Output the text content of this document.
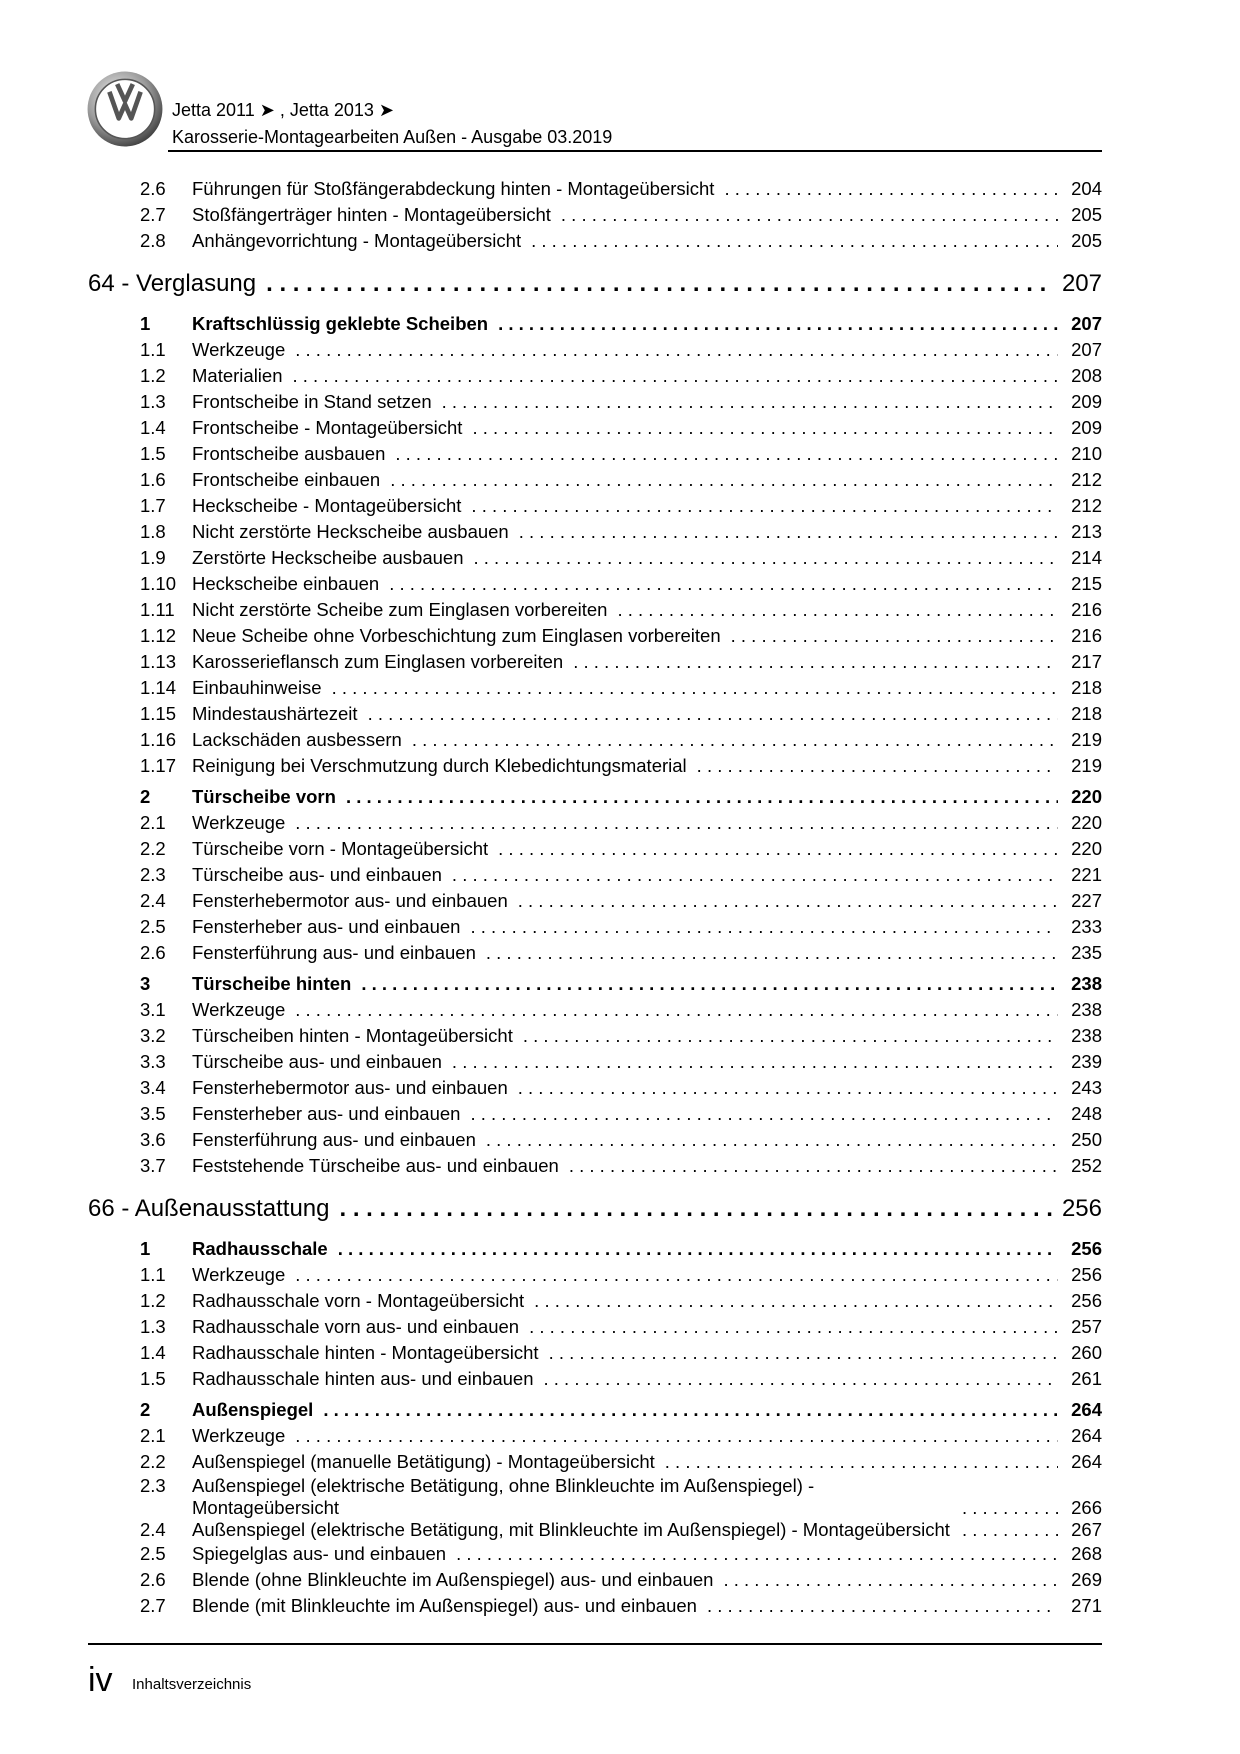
Jetta 2011 ➤ , Jetta 2013 ➤
Karosserie-Montagearbeiten Außen - Ausgabe 03.2019
2.6	Führungen für Stoßfängerabdeckung hinten - Montageübersicht . . .	204
2.7	Stoßfängerträger hinten - Montageübersicht . . .	205
2.8	Anhängevorrichtung - Montageübersicht . . .	205
64 - Verglasung . . .	207
1	Kraftschlüssig geklebte Scheiben . . .	207
1.1	Werkzeuge . . .	207
1.2	Materialien . . .	208
1.3	Frontscheibe in Stand setzen . . .	209
1.4	Frontscheibe - Montageübersicht . . .	209
1.5	Frontscheibe ausbauen . . .	210
1.6	Frontscheibe einbauen . . .	212
1.7	Heckscheibe - Montageübersicht . . .	212
1.8	Nicht zerstörte Heckscheibe ausbauen . . .	213
1.9	Zerstörte Heckscheibe ausbauen . . .	214
1.10 Heckscheibe einbauen . . .	215
1.11 Nicht zerstörte Scheibe zum Einglasen vorbereiten . . .	216
1.12 Neue Scheibe ohne Vorbeschichtung zum Einglasen vorbereiten . . .	216
1.13 Karosserieflansch zum Einglasen vorbereiten . . .	217
1.14 Einbauhinweise . . .	218
1.15 Mindestaushärtezeit . . .	218
1.16 Lackschäden ausbessern . . .	219
1.17 Reinigung bei Verschmutzung durch Klebedichtungsmaterial . . .	219
2	Türscheibe vorn . . .	220
2.1	Werkzeuge . . .	220
2.2	Türscheibe vorn - Montageübersicht . . .	220
2.3	Türscheibe aus- und einbauen . . .	221
2.4	Fensterhebermotor aus- und einbauen . . .	227
2.5	Fensterheber aus- und einbauen . . .	233
2.6	Fensterführung aus- und einbauen . . .	235
3	Türscheibe hinten . . .	238
3.1	Werkzeuge . . .	238
3.2	Türscheiben hinten - Montageübersicht . . .	238
3.3	Türscheibe aus- und einbauen . . .	239
3.4	Fensterhebermotor aus- und einbauen . . .	243
3.5	Fensterheber aus- und einbauen . . .	248
3.6	Fensterführung aus- und einbauen . . .	250
3.7	Feststehende Türscheibe aus- und einbauen . . .	252
66 - Außenausstattung . . .	256
1	Radhausschale . . .	256
1.1	Werkzeuge . . .	256
1.2	Radhausschale vorn - Montageübersicht . . .	256
1.3	Radhausschale vorn aus- und einbauen . . .	257
1.4	Radhausschale hinten - Montageübersicht . . .	260
1.5	Radhausschale hinten aus- und einbauen . . .	261
2	Außenspiegel . . .	264
2.1	Werkzeuge . . .	264
2.2	Außenspiegel (manuelle Betätigung) - Montageübersicht . . .	264
2.3	Außenspiegel (elektrische Betätigung, ohne Blinkleuchte im Außenspiegel) - Montageübersicht . . .	266
2.4	Außenspiegel (elektrische Betätigung, mit Blinkleuchte im Außenspiegel) - Montageübersicht . . .	267
2.5	Spiegelglas aus- und einbauen . . .	268
2.6	Blende (ohne Blinkleuchte im Außenspiegel) aus- und einbauen . . .	269
2.7	Blende (mit Blinkleuchte im Außenspiegel) aus- und einbauen . . .	271
iv Inhaltsverzeichnis
